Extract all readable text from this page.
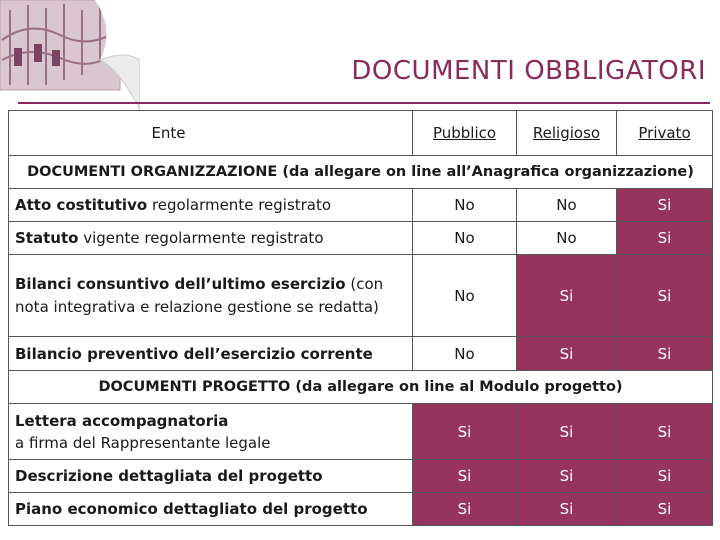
DOCUMENTI OBBLIGATORI
Ente	Pubblico	Religioso	Privato
DOCUMENTI ORGANIZZAZIONE (da allegare on line all’Anagrafica organizzazione)			
Atto costitutivo regolarmente registrato	No	No	Si
Statuto vigente regolarmente registrato	No	No	Si
Bilanci consuntivo dell’ultimo esercizio (con nota integrativa e relazione gestione se redatta)	No	Si	Si
Bilancio preventivo dell’esercizio corrente	No	Si	Si
DOCUMENTI PROGETTO (da allegare on line al Modulo progetto)			
Lettera accompagnatoria
a firma del Rappresentante legale	Si	Si	Si
Descrizione dettagliata del progetto	Si	Si	Si
Piano economico dettagliato del progetto	Si	Si	Si
